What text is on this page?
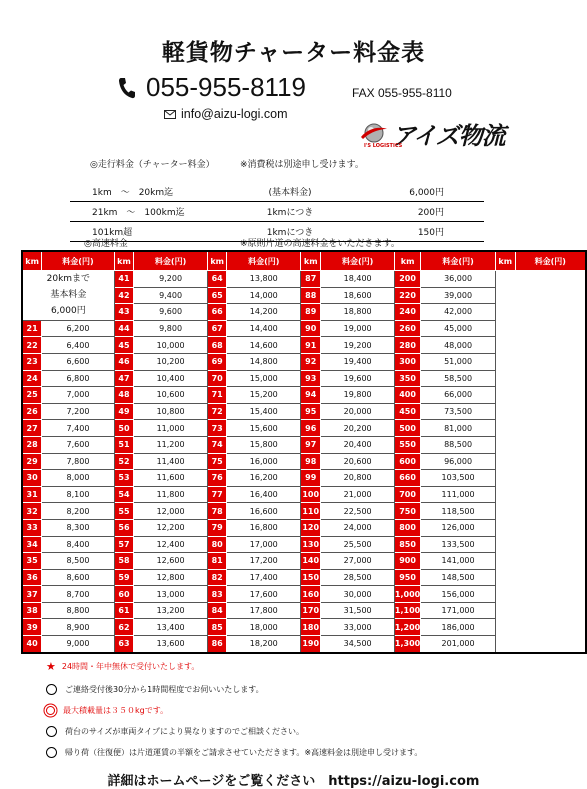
軽貨物チャーター料金表
055-955-8119	FAX 055-955-8110
info@aizu-logi.com
アイズ物流
I'S LOGISTICS
◎走行料金（チャーター料金）	※消費税は別途申し受けます。
1km　～　20km迄	(基本料金)	6,000円
21km　～　100km迄	1kmにつき	200円
101km超	1kmにつき	150円
◎高速料金	※原則片道の高速料金をいただきます。
km	料金(円)	km	料金(円)	km	料金(円)	km	料金(円)	km	料金(円)	km	料金(円)

20kmまで
基本料金
6,000円		41	9,200	64	13,800	87	18,400	200	36,000		
		42	9,400	65	14,000	88	18,600	220	39,000		
		43	9,600	66	14,200	89	18,800	240	42,000		
21	6,200	44	9,800	67	14,400	90	19,000	260	45,000		
22	6,400	45	10,000	68	14,600	91	19,200	280	48,000		
23	6,600	46	10,200	69	14,800	92	19,400	300	51,000		
24	6,800	47	10,400	70	15,000	93	19,600	350	58,500		
25	7,000	48	10,600	71	15,200	94	19,800	400	66,000		
26	7,200	49	10,800	72	15,400	95	20,000	450	73,500		
27	7,400	50	11,000	73	15,600	96	20,200	500	81,000		
28	7,600	51	11,200	74	15,800	97	20,400	550	88,500		
29	7,800	52	11,400	75	16,000	98	20,600	600	96,000		
30	8,000	53	11,600	76	16,200	99	20,800	660	103,500		
31	8,100	54	11,800	77	16,400	100	21,000	700	111,000		
32	8,200	55	12,000	78	16,600	110	22,500	750	118,500		
33	8,300	56	12,200	79	16,800	120	24,000	800	126,000		
34	8,400	57	12,400	80	17,000	130	25,500	850	133,500		
35	8,500	58	12,600	81	17,200	140	27,000	900	141,000		
36	8,600	59	12,800	82	17,400	150	28,500	950	148,500		
37	8,700	60	13,000	83	17,600	160	30,000	1,000	156,000		
38	8,800	61	13,200	84	17,800	170	31,500	1,100	171,000		
39	8,900	62	13,400	85	18,000	180	33,000	1,200	186,000		
40	9,000	63	13,600	86	18,200	190	34,500	1,300	201,000		
★ 24時間・年中無休で受付いたします。
ご連絡受付後30分から1時間程度でお伺いいたします。
最大積載量は３５０kgです。
荷台のサイズが車両タイプにより異なりますのでご相談ください。
帰り荷（往復便）は片道運賃の半額をご請求させていただきます。※高速料金は別途申し受けます。
詳細はホームページをご覧ください　https://aizu-logi.com
